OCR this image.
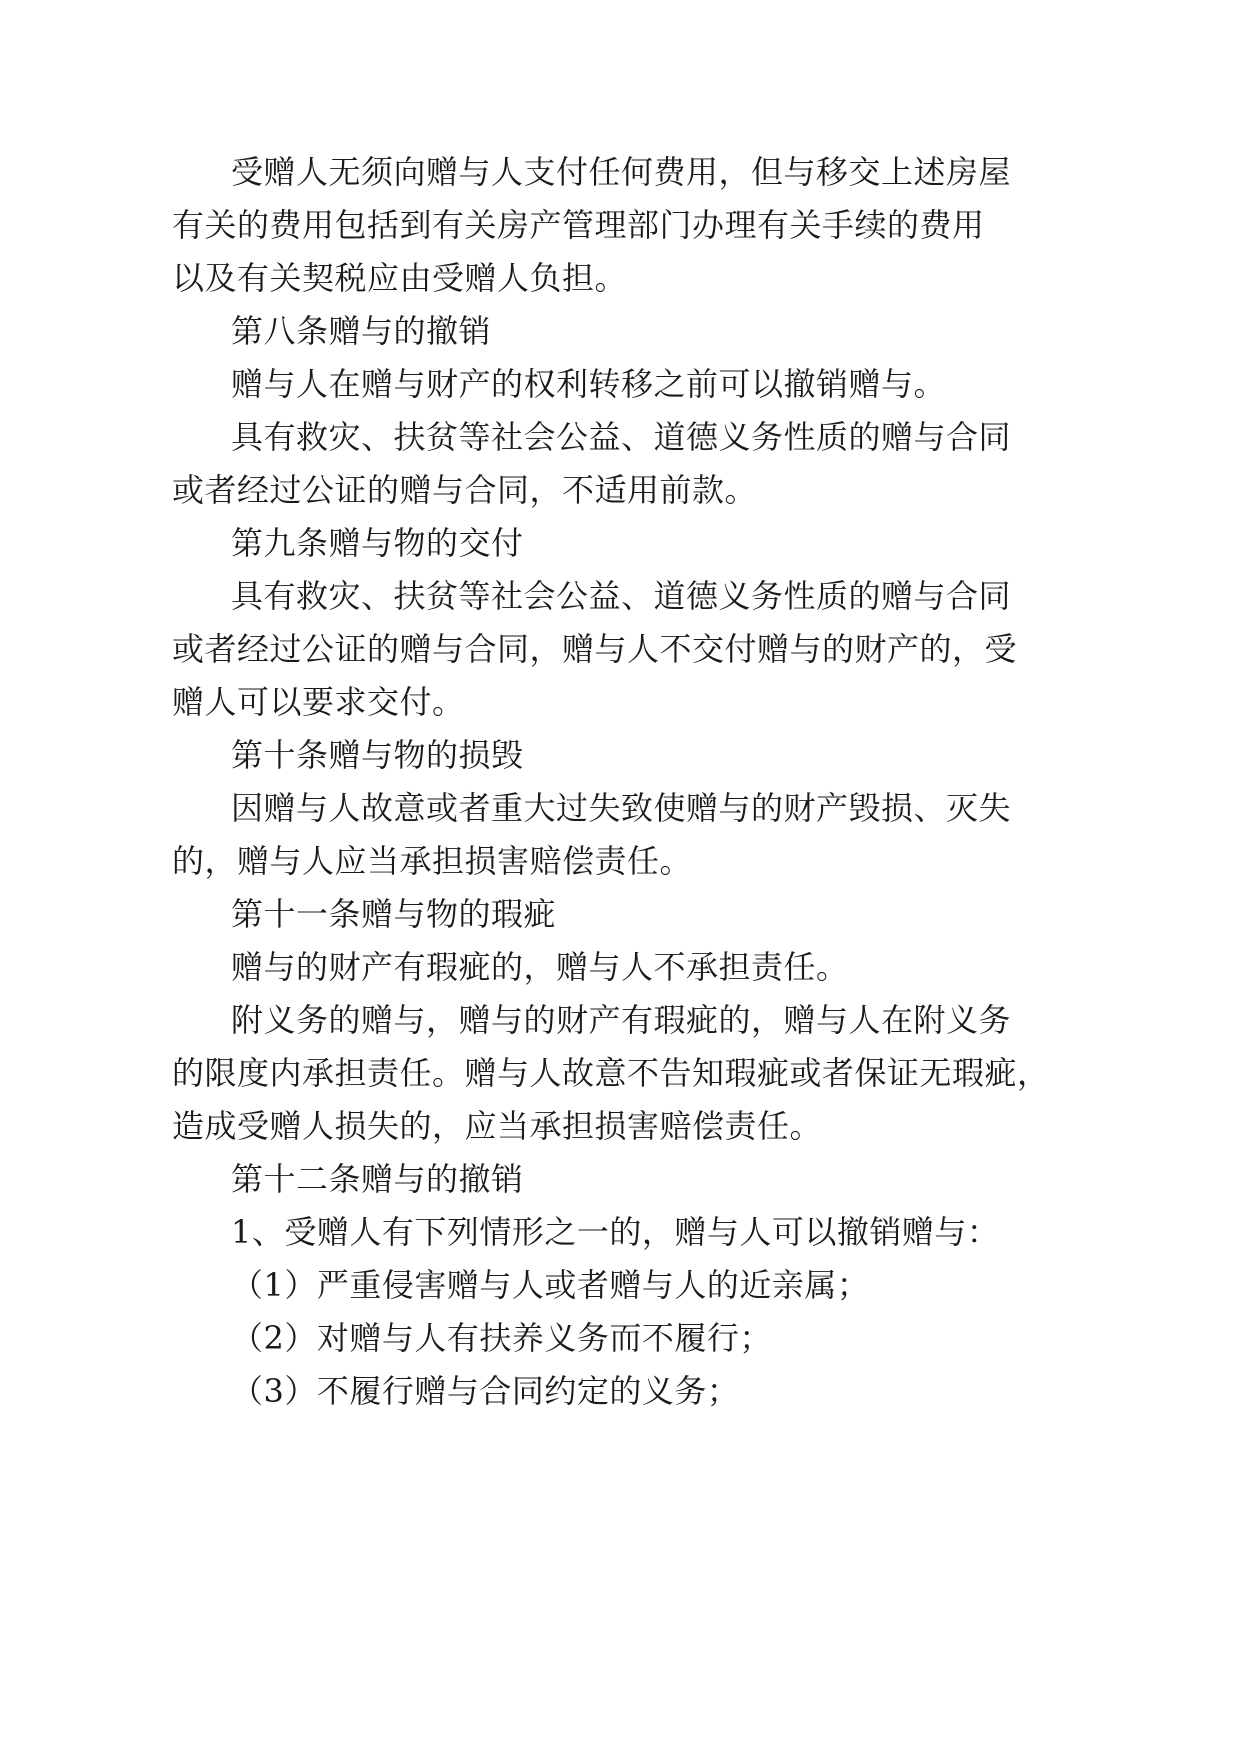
受赠人无须向赠与人支付任何费用，但与移交上述房屋
有关的费用包括到有关房产管理部门办理有关手续的费用
以及有关契税应由受赠人负担。
第八条赠与的撤销
赠与人在赠与财产的权利转移之前可以撤销赠与。
具有救灾、扶贫等社会公益、道德义务性质的赠与合同
或者经过公证的赠与合同，不适用前款。
第九条赠与物的交付
具有救灾、扶贫等社会公益、道德义务性质的赠与合同
或者经过公证的赠与合同，赠与人不交付赠与的财产的，受
赠人可以要求交付。
第十条赠与物的损毁
因赠与人故意或者重大过失致使赠与的财产毁损、灭失
的，赠与人应当承担损害赔偿责任。
第十一条赠与物的瑕疵
赠与的财产有瑕疵的，赠与人不承担责任。
附义务的赠与，赠与的财产有瑕疵的，赠与人在附义务
的限度内承担责任。赠与人故意不告知瑕疵或者保证无瑕疵，
造成受赠人损失的，应当承担损害赔偿责任。
第十二条赠与的撤销
1、受赠人有下列情形之一的，赠与人可以撤销赠与：
（1）严重侵害赠与人或者赠与人的近亲属；
（2）对赠与人有扶养义务而不履行；
（3）不履行赠与合同约定的义务；
